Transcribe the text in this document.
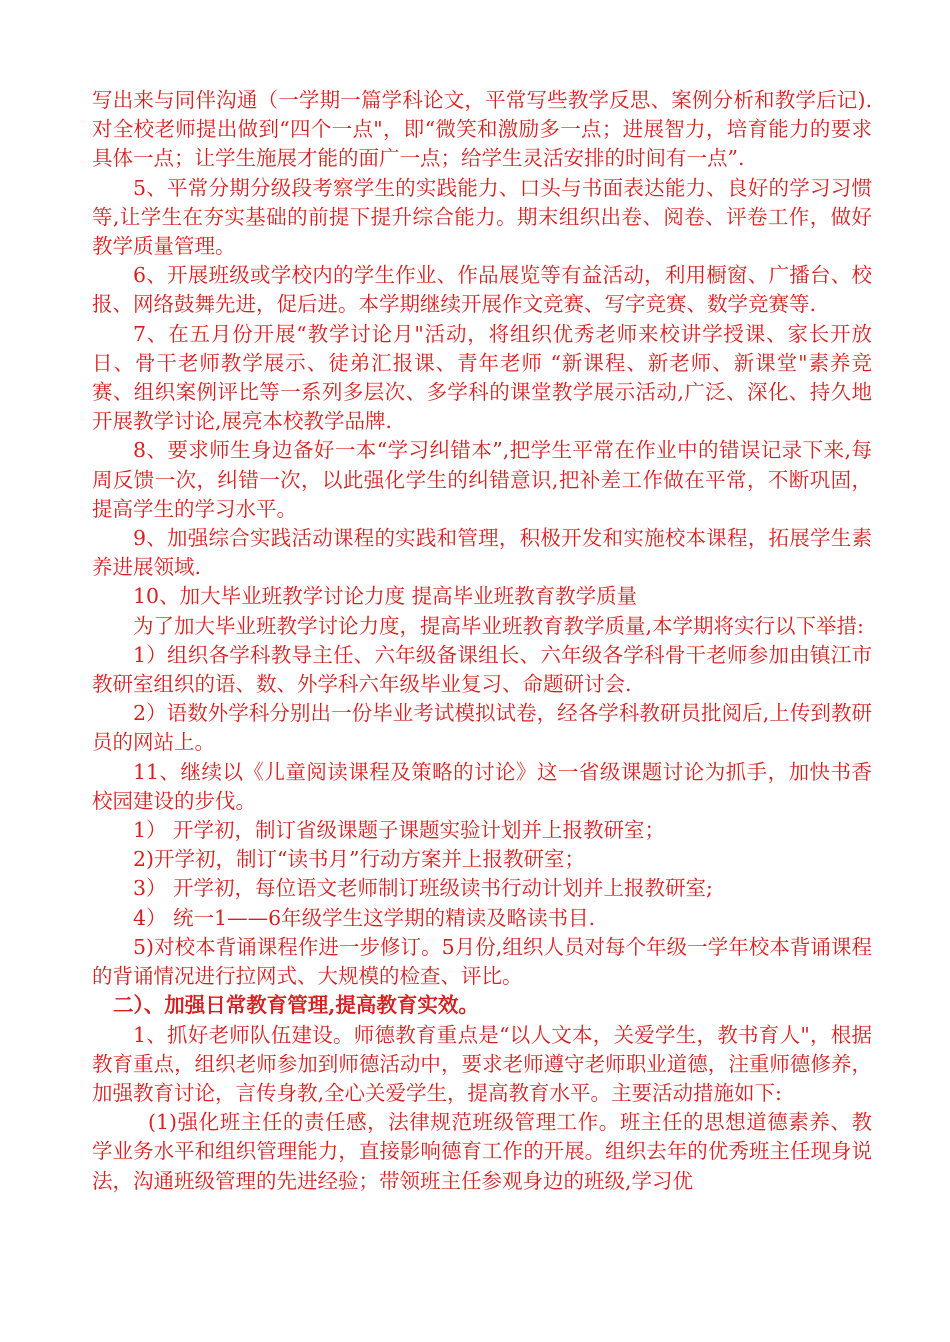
写出来与同伴沟通（一学期一篇学科论文，平常写些教学反思、案例分析和教学后记).对全校老师提出做到“四个一点"，即“微笑和激励多一点；进展智力，培育能力的要求具体一点；让学生施展才能的面广一点；给学生灵活安排的时间有一点”.

5、平常分期分级段考察学生的实践能力、口头与书面表达能力、良好的学习习惯等,让学生在夯实基础的前提下提升综合能力。期末组织出卷、阅卷、评卷工作，做好教学质量管理。

6、开展班级或学校内的学生作业、作品展览等有益活动，利用橱窗、广播台、校报、网络鼓舞先进，促后进。本学期继续开展作文竞赛、写字竞赛、数学竞赛等.

7、在五月份开展“教学讨论月"活动，将组织优秀老师来校讲学授课、家长开放日、骨干老师教学展示、徒弟汇报课、青年老师 “新课程、新老师、新课堂"素养竞赛、组织案例评比等一系列多层次、多学科的课堂教学展示活动,广泛、深化、持久地开展教学讨论,展亮本校教学品牌.

8、要求师生身边备好一本“学习纠错本”,把学生平常在作业中的错误记录下来,每周反馈一次，纠错一次，以此强化学生的纠错意识,把补差工作做在平常，不断巩固，提高学生的学习水平。

9、加强综合实践活动课程的实践和管理，积极开发和实施校本课程，拓展学生素养进展领域.

10、加大毕业班教学讨论力度 提高毕业班教育教学质量

为了加大毕业班教学讨论力度，提高毕业班教育教学质量,本学期将实行以下举措:

1）组织各学科教导主任、六年级备课组长、六年级各学科骨干老师参加由镇江市教研室组织的语、数、外学科六年级毕业复习、命题研讨会.

2）语数外学科分别出一份毕业考试模拟试卷，经各学科教研员批阅后,上传到教研员的网站上。

11、继续以《儿童阅读课程及策略的讨论》这一省级课题讨论为抓手，加快书香校园建设的步伐。

1） 开学初，制订省级课题子课题实验计划并上报教研室；

2)开学初，制订“读书月”行动方案并上报教研室；

3） 开学初，每位语文老师制订班级读书行动计划并上报教研室;

4） 统一1——6年级学生这学期的精读及略读书目.

5)对校本背诵课程作进一步修订。5月份,组织人员对每个年级一学年校本背诵课程的背诵情况进行拉网式、大规模的检查、评比。

二）、加强日常教育管理,提高教育实效。

1、抓好老师队伍建设。师德教育重点是“以人文本，关爱学生，教书育人"，根据教育重点，组织老师参加到师德活动中，要求老师遵守老师职业道德，注重师德修养，加强教育讨论，言传身教,全心关爱学生，提高教育水平。主要活动措施如下:

(1)强化班主任的责任感，法律规范班级管理工作。班主任的思想道德素养、教学业务水平和组织管理能力，直接影响德育工作的开展。组织去年的优秀班主任现身说法，沟通班级管理的先进经验；带领班主任参观身边的班级,学习优
